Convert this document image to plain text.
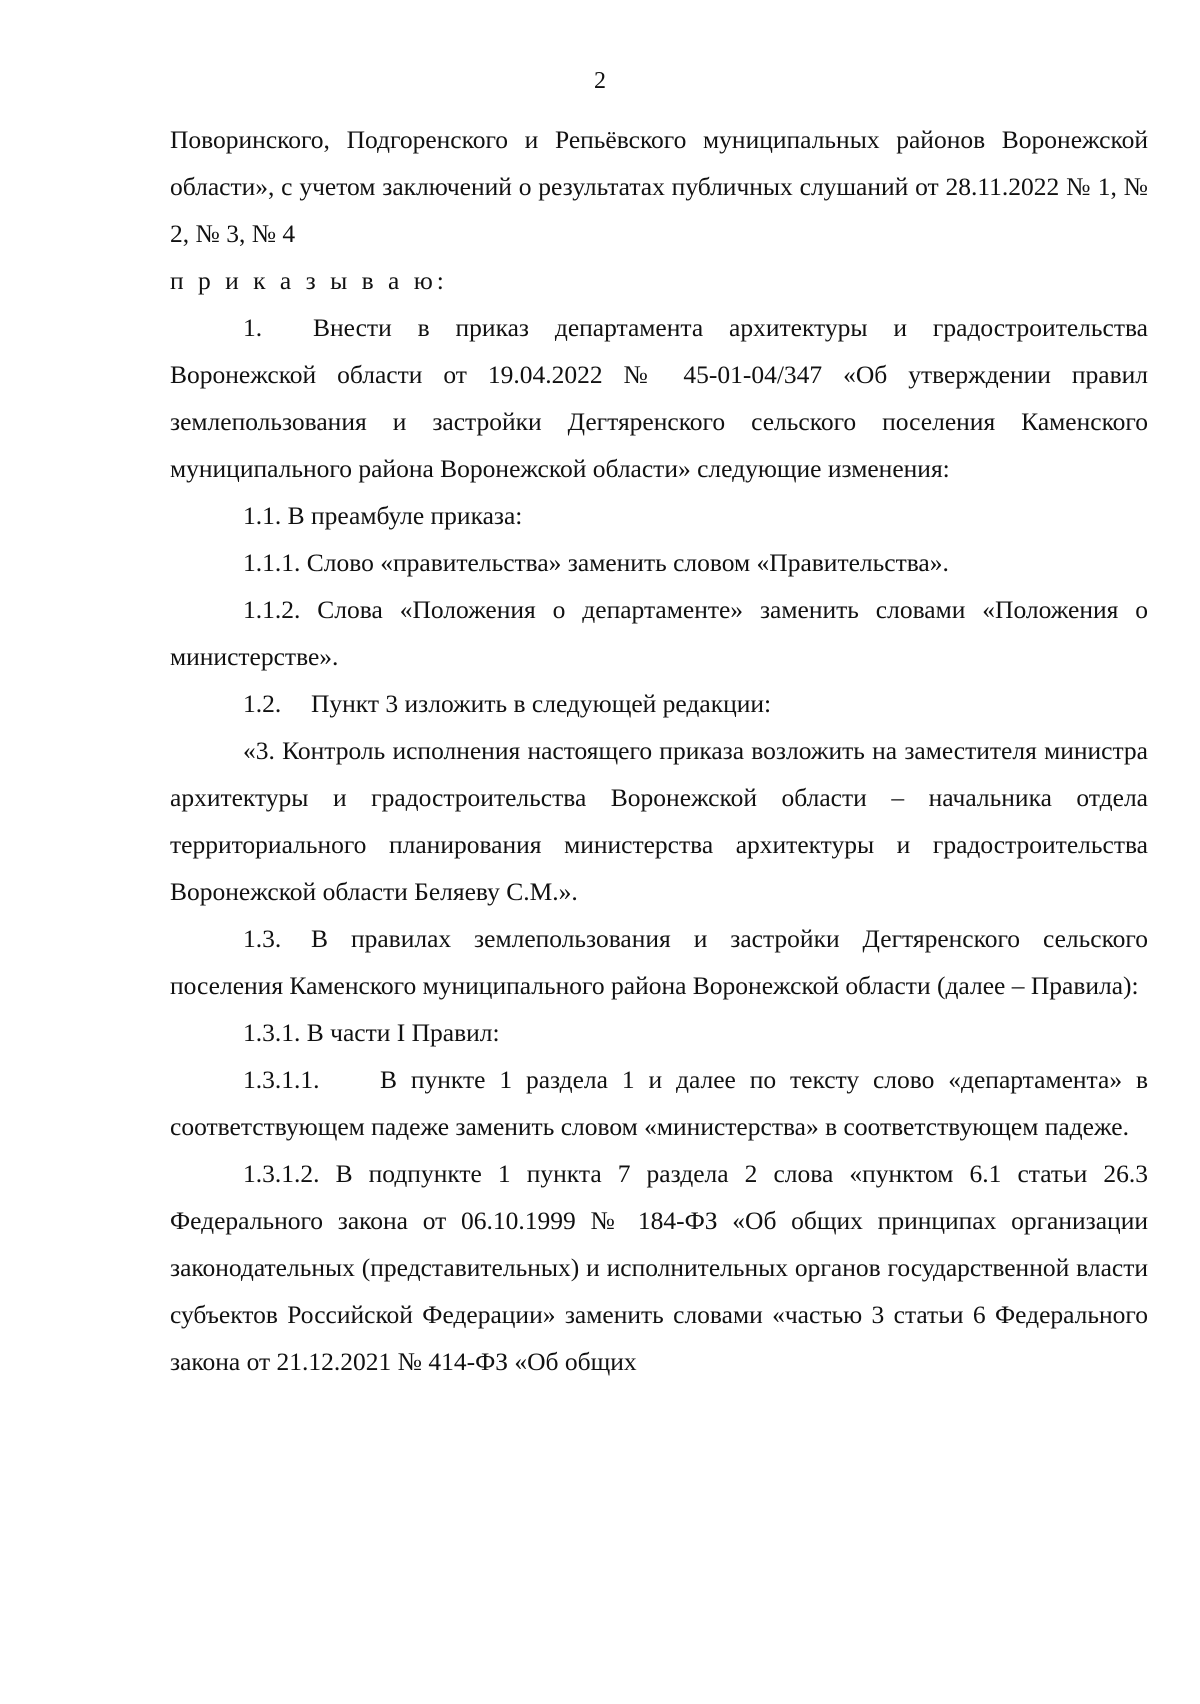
2

Поворинского, Подгоренского и Репьёвского муниципальных районов Воронежской области», с учетом заключений о результатах публичных слушаний от 28.11.2022 № 1, № 2, № 3, № 4

п р и к а з ы в а ю:

1. Внести в приказ департамента архитектуры и градостроительства Воронежской области от 19.04.2022 № 45-01-04/347 «Об утверждении правил землепользования и застройки Дегтяренского сельского поселения Каменского муниципального района Воронежской области» следующие изменения:

1.1. В преамбуле приказа:

1.1.1. Слово «правительства» заменить словом «Правительства».

1.1.2. Слова «Положения о департаменте» заменить словами «Положения о министерстве».

1.2. Пункт 3 изложить в следующей редакции:

«3. Контроль исполнения настоящего приказа возложить на заместителя министра архитектуры и градостроительства Воронежской области – начальника отдела территориального планирования министерства архитектуры и градостроительства Воронежской области Беляеву С.М.».

1.3. В правилах землепользования и застройки Дегтяренского сельского поселения Каменского муниципального района Воронежской области (далее – Правила):

1.3.1. В части I Правил:

1.3.1.1. В пункте 1 раздела 1 и далее по тексту слово «департамента» в соответствующем падеже заменить словом «министерства» в соответствующем падеже.

1.3.1.2. В подпункте 1 пункта 7 раздела 2 слова «пунктом 6.1 статьи 26.3 Федерального закона от 06.10.1999 № 184-ФЗ «Об общих принципах организации законодательных (представительных) и исполнительных органов государственной власти субъектов Российской Федерации» заменить словами «частью 3 статьи 6 Федерального закона от 21.12.2021 № 414-ФЗ «Об общих
